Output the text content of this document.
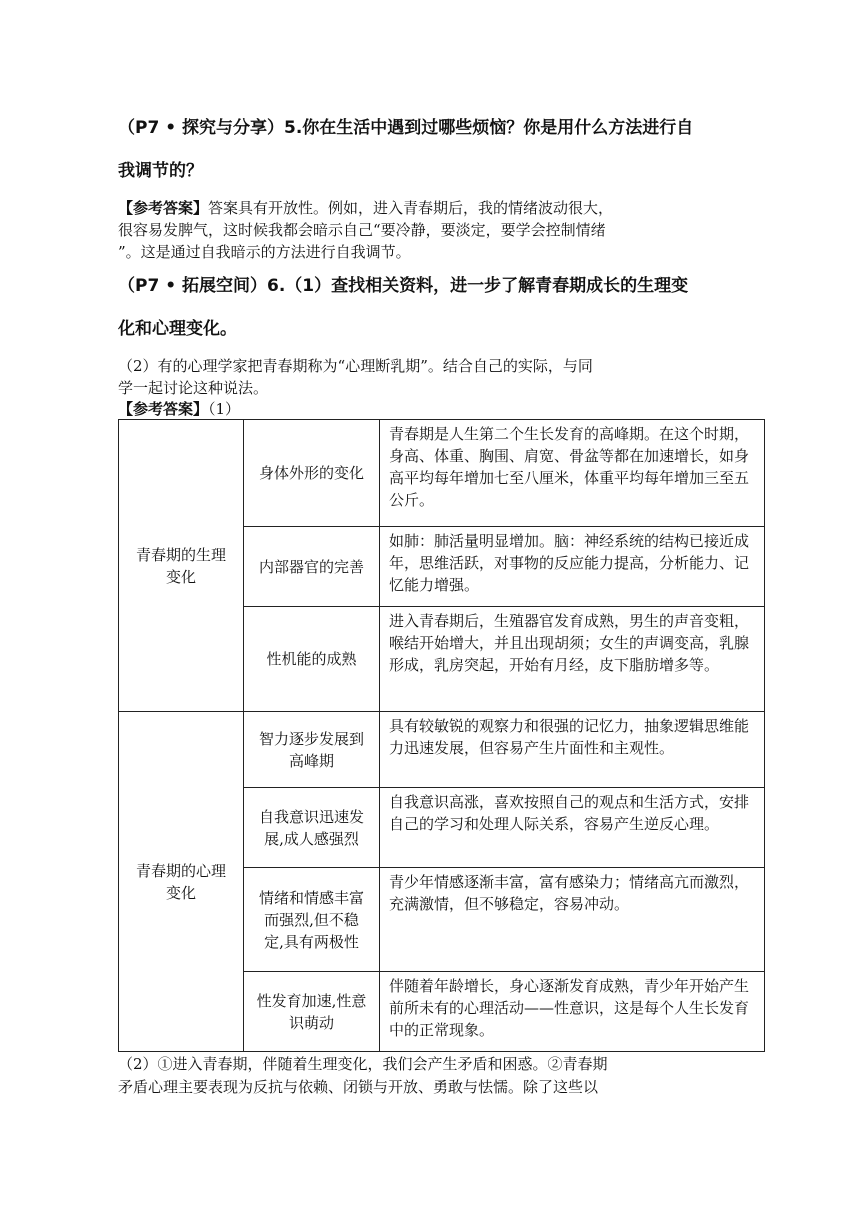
（P7 • 探究与分享）5.你在生活中遇到过哪些烦恼？你是用什么方法进行自
我调节的？
【参考答案】答案具有开放性。例如，进入青春期后，我的情绪波动很大，
很容易发脾气，这时候我都会暗示自己“要冷静，要淡定，要学会控制情绪
”。这是通过自我暗示的方法进行自我调节。
（P7 • 拓展空间）6.（1）查找相关资料，进一步了解青春期成长的生理变
化和心理变化。
（2）有的心理学家把青春期称为“心理断乳期”。结合自己的实际，与同
学一起讨论这种说法。
【参考答案】（1）
青春期的生理变化	身体外形的变化	青春期是人生第二个生长发育的高峰期。在这个时期，身高、体重、胸围、肩宽、骨盆等都在加速增长，如身高平均每年增加七至八厘米，体重平均每年增加三至五公斤。
	内部器官的完善	如肺：肺活量明显增加。脑：神经系统的结构已接近成年，思维活跃，对事物的反应能力提高，分析能力、记忆能力增强。
	性机能的成熟	进入青春期后，生殖器官发育成熟，男生的声音变粗，喉结开始增大，并且出现胡须；女生的声调变高，乳腺形成，乳房突起，开始有月经，皮下脂肪增多等。
青春期的心理变化	智力逐步发展到高峰期	具有较敏锐的观察力和很强的记忆力，抽象逻辑思维能力迅速发展，但容易产生片面性和主观性。
	自我意识迅速发展,成人感强烈	自我意识高涨，喜欢按照自己的观点和生活方式，安排自己的学习和处理人际关系，容易产生逆反心理。
	情绪和情感丰富而强烈,但不稳定,具有两极性	青少年情感逐渐丰富，富有感染力；情绪高亢而激烈，充满激情，但不够稳定，容易冲动。
	性发育加速,性意识萌动	伴随着年龄增长，身心逐渐发育成熟，青少年开始产生前所未有的心理活动——性意识，这是每个人生长发育中的正常现象。
（2）①进入青春期，伴随着生理变化，我们会产生矛盾和困惑。②青春期
矛盾心理主要表现为反抗与依赖、闭锁与开放、勇敢与怯懦。除了这些以
